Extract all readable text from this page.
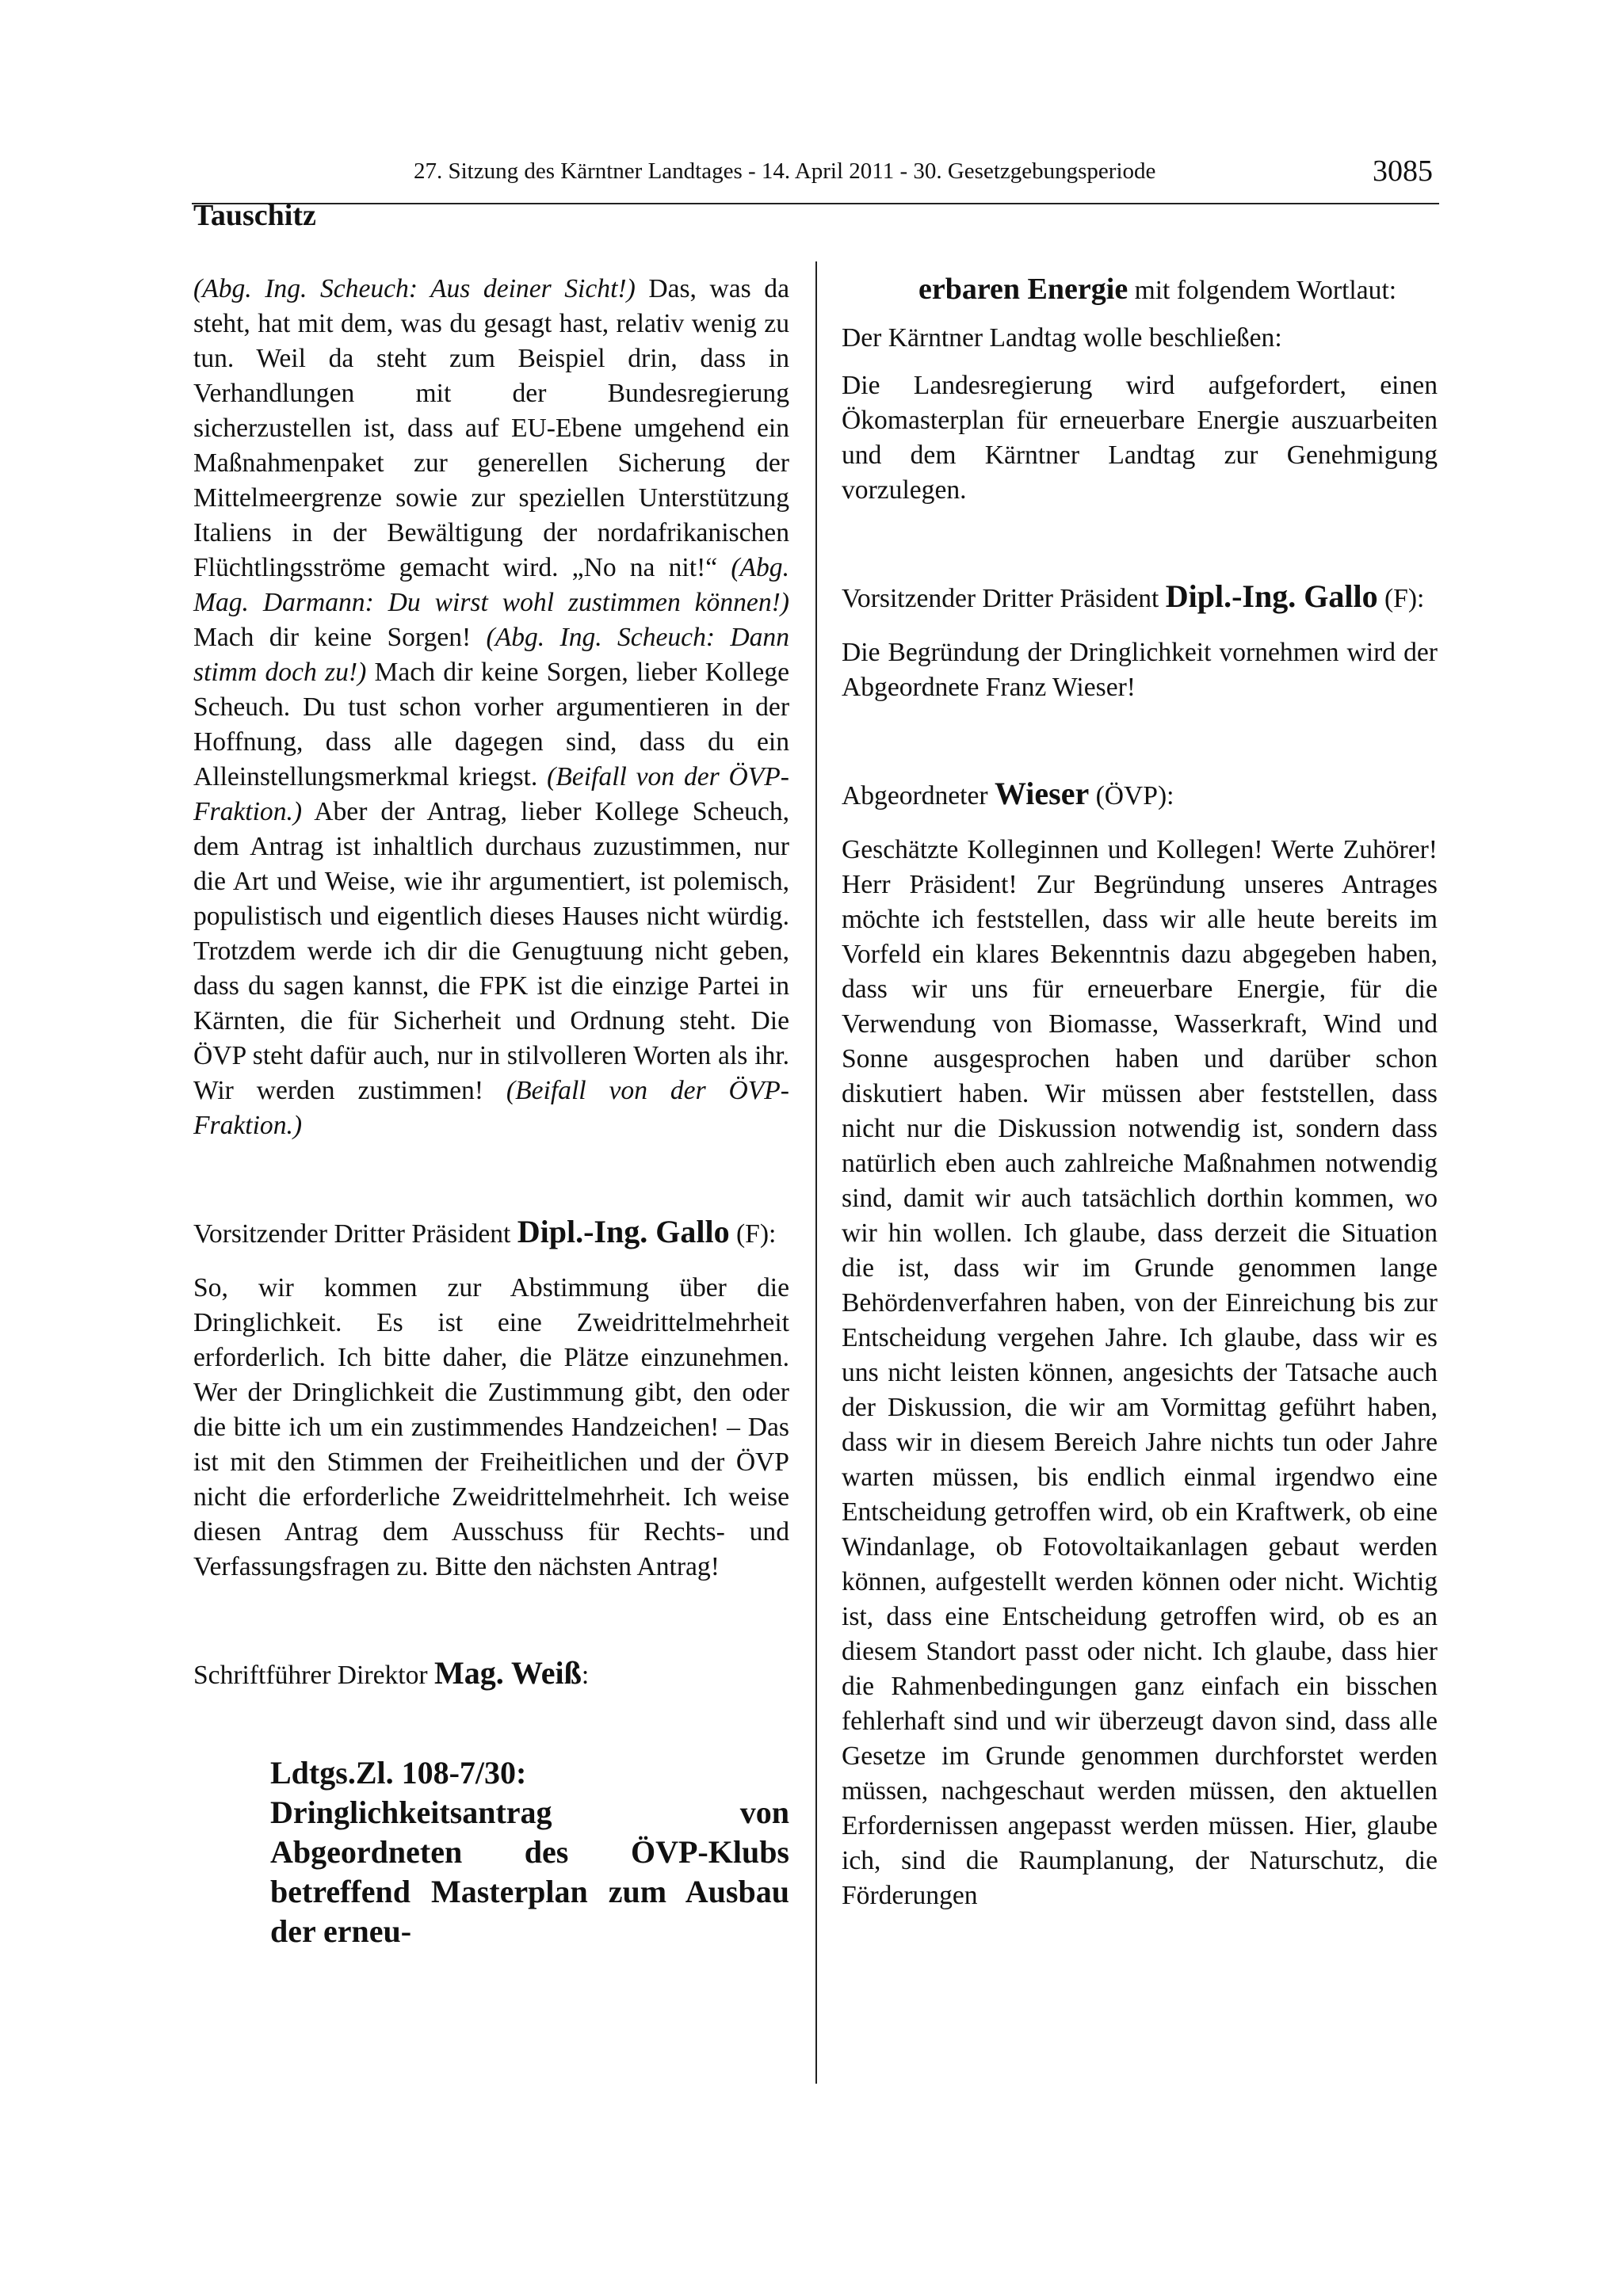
27. Sitzung des Kärntner Landtages - 14. April 2011 - 30. Gesetzgebungsperiode	3085
Tauschitz

(Abg. Ing. Scheuch: Aus deiner Sicht!) Das, was da steht, hat mit dem, was du gesagt hast, relativ wenig zu tun. Weil da steht zum Beispiel drin, dass in Verhandlungen mit der Bundesregierung sicherzustellen ist, dass auf EU-Ebene umgehend ein Maßnahmenpaket zur generellen Sicherung der Mittelmeergrenze sowie zur speziellen Unterstützung Italiens in der Bewältigung der nordafrikanischen Flüchtlingsströme gemacht wird. „No na nit!“ (Abg. Mag. Darmann: Du wirst wohl zustimmen können!) Mach dir keine Sorgen! (Abg. Ing. Scheuch: Dann stimm doch zu!) Mach dir keine Sorgen, lieber Kollege Scheuch. Du tust schon vorher argumentieren in der Hoffnung, dass alle dagegen sind, dass du ein Alleinstellungsmerkmal kriegst. (Beifall von der ÖVP-Fraktion.) Aber der Antrag, lieber Kollege Scheuch, dem Antrag ist inhaltlich durchaus zuzustimmen, nur die Art und Weise, wie ihr argumentiert, ist polemisch, populistisch und eigentlich dieses Hauses nicht würdig. Trotzdem werde ich dir die Genugtuung nicht geben, dass du sagen kannst, die FPK ist die einzige Partei in Kärnten, die für Sicherheit und Ordnung steht. Die ÖVP steht dafür auch, nur in stilvolleren Worten als ihr. Wir werden zustimmen! (Beifall von der ÖVP-Fraktion.)

Vorsitzender Dritter Präsident Dipl.-Ing. Gallo (F):

So, wir kommen zur Abstimmung über die Dringlichkeit. Es ist eine Zweidrittelmehrheit erforderlich. Ich bitte daher, die Plätze einzunehmen. Wer der Dringlichkeit die Zustimmung gibt, den oder die bitte ich um ein zustimmendes Handzeichen! – Das ist mit den Stimmen der Freiheitlichen und der ÖVP nicht die erforderliche Zweidrittelmehrheit. Ich weise diesen Antrag dem Ausschuss für Rechts- und Verfassungsfragen zu. Bitte den nächsten Antrag!

Schriftführer Direktor Mag. Weiß:

Ldtgs.Zl. 108-7/30:

Dringlichkeitsantrag von Abgeordneten des ÖVP-Klubs betreffend Masterplan zum Ausbau der erneu-

erbaren Energie mit folgendem Wortlaut:

Der Kärntner Landtag wolle beschließen:

Die Landesregierung wird aufgefordert, einen Ökomasterplan für erneuerbare Energie auszuarbeiten und dem Kärntner Landtag zur Genehmigung vorzulegen.

Vorsitzender Dritter Präsident Dipl.-Ing. Gallo (F):

Die Begründung der Dringlichkeit vornehmen wird der Abgeordnete Franz Wieser!

Abgeordneter Wieser (ÖVP):

Geschätzte Kolleginnen und Kollegen! Werte Zuhörer! Herr Präsident! Zur Begründung unseres Antrages möchte ich feststellen, dass wir alle heute bereits im Vorfeld ein klares Bekenntnis dazu abgegeben haben, dass wir uns für erneuerbare Energie, für die Verwendung von Biomasse, Wasserkraft, Wind und Sonne ausgesprochen haben und darüber schon diskutiert haben. Wir müssen aber feststellen, dass nicht nur die Diskussion notwendig ist, sondern dass natürlich eben auch zahlreiche Maßnahmen notwendig sind, damit wir auch tatsächlich dorthin kommen, wo wir hin wollen. Ich glaube, dass derzeit die Situation die ist, dass wir im Grunde genommen lange Behördenverfahren haben, von der Einreichung bis zur Entscheidung vergehen Jahre. Ich glaube, dass wir es uns nicht leisten können, angesichts der Tatsache auch der Diskussion, die wir am Vormittag geführt haben, dass wir in diesem Bereich Jahre nichts tun oder Jahre warten müssen, bis endlich einmal irgendwo eine Entscheidung getroffen wird, ob ein Kraftwerk, ob eine Windanlage, ob Fotovoltaikanlagen gebaut werden können, aufgestellt werden können oder nicht. Wichtig ist, dass eine Entscheidung getroffen wird, ob es an diesem Standort passt oder nicht. Ich glaube, dass hier die Rahmenbedingungen ganz einfach ein bisschen fehlerhaft sind und wir überzeugt davon sind, dass alle Gesetze im Grunde genommen durchforstet werden müssen, nachgeschaut werden müssen, den aktuellen Erfordernissen angepasst werden müssen. Hier, glaube ich, sind die Raumplanung, der Naturschutz, die Förderungen
